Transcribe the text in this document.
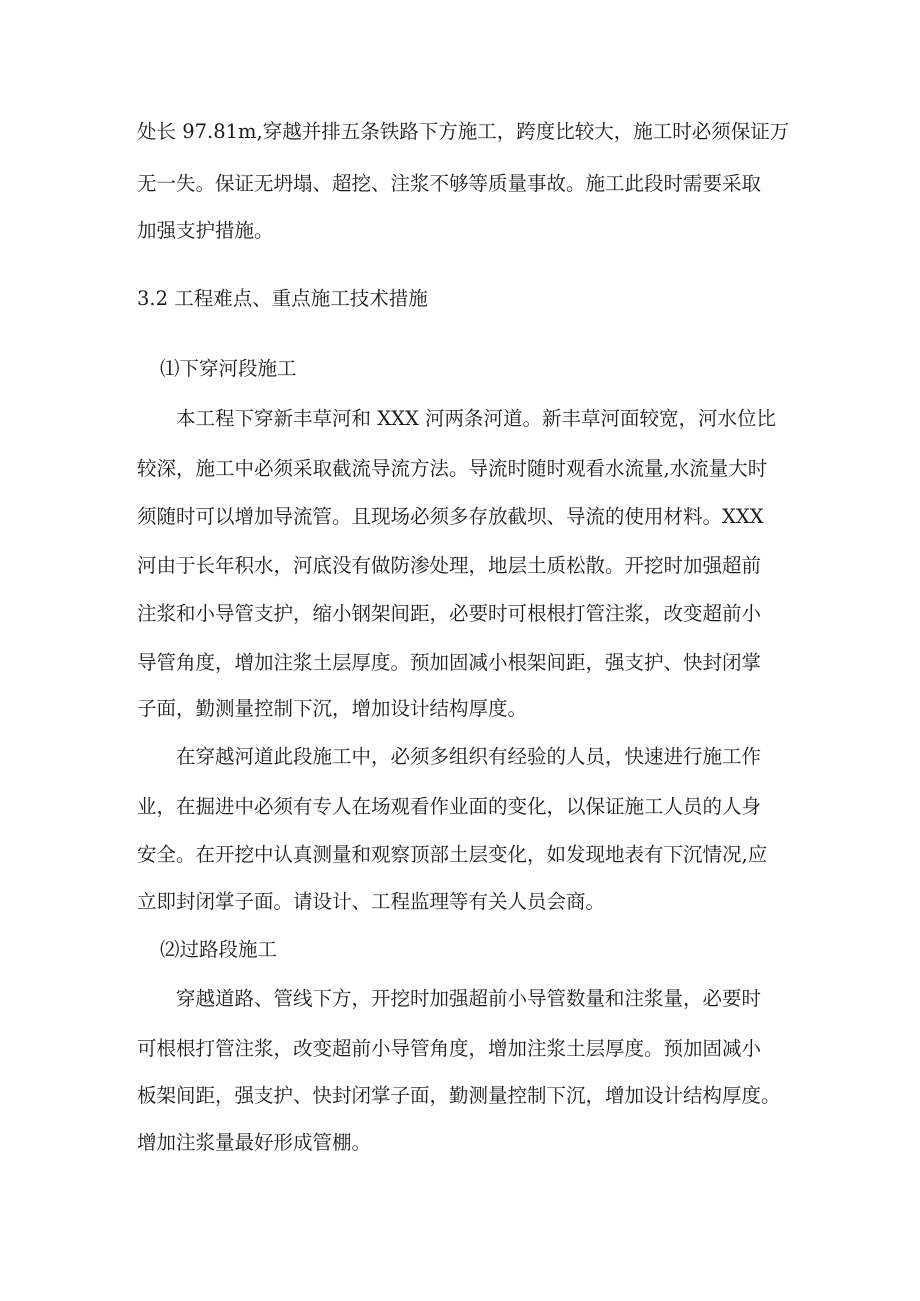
处长 97.81m,穿越并排五条铁路下方施工，跨度比较大，施工时必须保证万
无一失。保证无坍塌、超挖、注浆不够等质量事故。施工此段时需要采取
加强支护措施。
3.2 工程难点、重点施工技术措施
⑴下穿河段施工
本工程下穿新丰草河和 XXX 河两条河道。新丰草河面较宽，河水位比
较深，施工中必须采取截流导流方法。导流时随时观看水流量,水流量大时
须随时可以增加导流管。且现场必须多存放截坝、导流的使用材料。XXX
河由于长年积水，河底没有做防渗处理，地层土质松散。开挖时加强超前
注浆和小导管支护，缩小钢架间距，必要时可根根打管注浆，改变超前小
导管角度，增加注浆土层厚度。预加固减小根架间距，强支护、快封闭掌
子面，勤测量控制下沉，增加设计结构厚度。
在穿越河道此段施工中，必须多组织有经验的人员，快速进行施工作
业，在掘进中必须有专人在场观看作业面的变化，以保证施工人员的人身
安全。在开挖中认真测量和观察顶部土层变化，如发现地表有下沉情况,应
立即封闭掌子面。请设计、工程监理等有关人员会商。
⑵过路段施工
穿越道路、管线下方，开挖时加强超前小导管数量和注浆量，必要时
可根根打管注浆，改变超前小导管角度，增加注浆土层厚度。预加固减小
板架间距，强支护、快封闭掌子面，勤测量控制下沉，增加设计结构厚度。
增加注浆量最好形成管棚。
